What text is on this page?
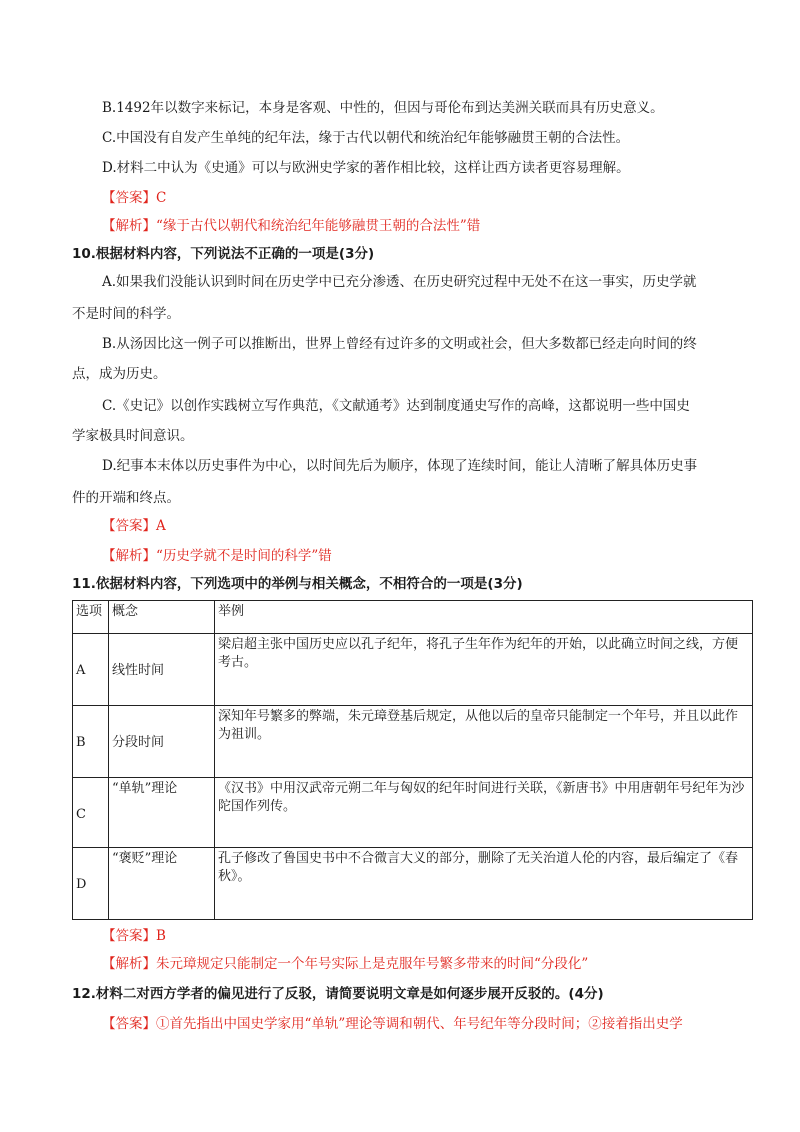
B.1492年以数字来标记，本身是客观、中性的，但因与哥伦布到达美洲关联而具有历史意义。
C.中国没有自发产生单纯的纪年法，缘于古代以朝代和统治纪年能够融贯王朝的合法性。
D.材料二中认为《史通》可以与欧洲史学家的著作相比较，这样让西方读者更容易理解。
【答案】C
【解析】“缘于古代以朝代和统治纪年能够融贯王朝的合法性”错
10.根据材料内容，下列说法不正确的一项是(3分)
A.如果我们没能认识到时间在历史学中已充分渗透、在历史研究过程中无处不在这一事实，历史学就
不是时间的科学。
B.从汤因比这一例子可以推断出，世界上曾经有过许多的文明或社会，但大多数都已经走向时间的终
点，成为历史。
C.《史记》以创作实践树立写作典范，《文献通考》达到制度通史写作的高峰，这都说明一些中国史
学家极具时间意识。
D.纪事本末体以历史事件为中心，以时间先后为顺序，体现了连续时间，能让人清晰了解具体历史事
件的开端和终点。
【答案】A
【解析】“历史学就不是时间的科学”错
11.依据材料内容，下列选项中的举例与相关概念，不相符合的一项是(3分)
选项	概念	举例

A	线性时间	梁启超主张中国历史应以孔子纪年，将孔子生年作为纪年的开始，以此确立时间之线，方便考古。

B	分段时间	深知年号繁多的弊端，朱元璋登基后规定，从他以后的皇帝只能制定一个年号，并且以此作为祖训。

C	“单轨”理论	《汉书》中用汉武帝元朔二年与匈奴的纪年时间进行关联，《新唐书》中用唐朝年号纪年为沙陀国作列传。

D	“褒贬”理论	孔子修改了鲁国史书中不合微言大义的部分，删除了无关治道人伦的内容，最后编定了《春秋》。
【答案】B
【解析】朱元璋规定只能制定一个年号实际上是克服年号繁多带来的时间“分段化”
12.材料二对西方学者的偏见进行了反驳，请简要说明文章是如何逐步展开反驳的。(4分)
【答案】①首先指出中国史学家用“单轨”理论等调和朝代、年号纪年等分段时间；②接着指出史学
